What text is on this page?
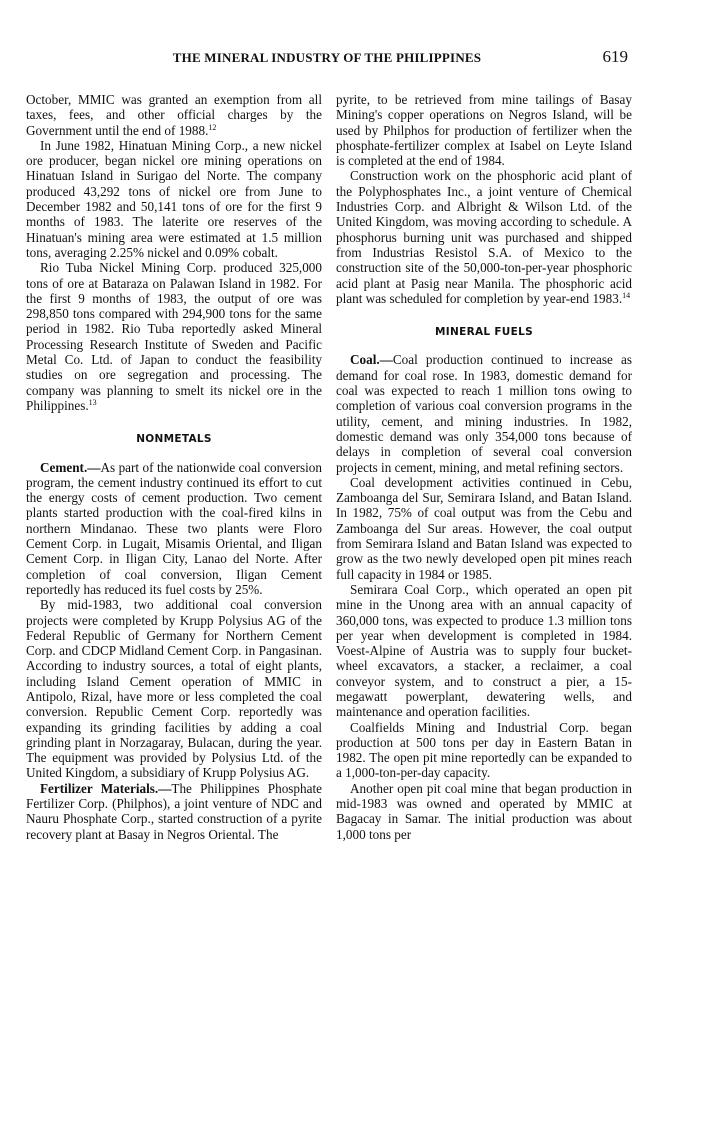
THE MINERAL INDUSTRY OF THE PHILIPPINES	619

October, MMIC was granted an exemption from all taxes, fees, and other official charges by the Government until the end of 1988.12

In June 1982, Hinatuan Mining Corp., a new nickel ore producer, began nickel ore mining operations on Hinatuan Island in Surigao del Norte. The company produced 43,292 tons of nickel ore from June to December 1982 and 50,141 tons of ore for the first 9 months of 1983. The laterite ore reserves of the Hinatuan's mining area were estimated at 1.5 million tons, averaging 2.25% nickel and 0.09% cobalt.

Rio Tuba Nickel Mining Corp. produced 325,000 tons of ore at Bataraza on Palawan Island in 1982. For the first 9 months of 1983, the output of ore was 298,850 tons compared with 294,900 tons for the same period in 1982. Rio Tuba reportedly asked Mineral Processing Research Institute of Sweden and Pacific Metal Co. Ltd. of Japan to conduct the feasibility studies on ore segregation and processing. The company was planning to smelt its nickel ore in the Philippines.$^{13}$

NONMETALS

Cement.—As part of the nationwide coal conversion program, the cement industry continued its effort to cut the energy costs of cement production. Two cement plants started production with the coal-fired kilns in northern Mindanao. These two plants were Floro Cement Corp. in Lugait, Misamis Oriental, and Iligan Cement Corp. in Iligan City, Lanao del Norte. After completion of coal conversion, Iligan Cement reportedly has reduced its fuel costs by 25%.

By mid-1983, two additional coal conversion projects were completed by Krupp Polysius AG of the Federal Republic of Germany for Northern Cement Corp. and CDCP Midland Cement Corp. in Pangasinan. According to industry sources, a total of eight plants, including Island Cement operation of MMIC in Antipolo, Rizal, have more or less completed the coal conversion. Republic Cement Corp. reportedly was expanding its grinding facilities by adding a coal grinding plant in Norzagaray, Bulacan, during the year. The equipment was provided by Polysius Ltd. of the United Kingdom, a subsidiary of Krupp Polysius AG.

Fertilizer Materials.—The Philippines Phosphate Fertilizer Corp. (Philphos), a joint venture of NDC and Nauru Phosphate Corp., started construction of a pyrite recovery plant at Basay in Negros Oriental. The

pyrite, to be retrieved from mine tailings of Basay Mining's copper operations on Negros Island, will be used by Philphos for production of fertilizer when the phosphate-fertilizer complex at Isabel on Leyte Island is completed at the end of 1984.

Construction work on the phosphoric acid plant of the Polyphosphates Inc., a joint venture of Chemical Industries Corp. and Albright & Wilson Ltd. of the United Kingdom, was moving according to schedule. A phosphorus burning unit was purchased and shipped from Industrias Resistol S.A. of Mexico to the construction site of the 50,000-ton-per-year phosphoric acid plant at Pasig near Manila. The phosphoric acid plant was scheduled for completion by year-end 1983.14

MINERAL FUELS

Coal.—Coal production continued to increase as demand for coal rose. In 1983, domestic demand for coal was expected to reach 1 million tons owing to completion of various coal conversion programs in the utility, cement, and mining industries. In 1982, domestic demand was only 354,000 tons because of delays in completion of several coal conversion projects in cement, mining, and metal refining sectors.

Coal development activities continued in Cebu, Zamboanga del Sur, Semirara Island, and Batan Island. In 1982, 75% of coal output was from the Cebu and Zamboanga del Sur areas. However, the coal output from Semirara Island and Batan Island was expected to grow as the two newly developed open pit mines reach full capacity in 1984 or 1985.

Semirara Coal Corp., which operated an open pit mine in the Unong area with an annual capacity of 360,000 tons, was expected to produce 1.3 million tons per year when development is completed in 1984. Voest-Alpine of Austria was to supply four bucket-wheel excavators, a stacker, a reclaimer, a coal conveyor system, and to construct a pier, a 15-megawatt powerplant, dewatering wells, and maintenance and operation facilities.

Coalfields Mining and Industrial Corp. began production at 500 tons per day in Eastern Batan in 1982. The open pit mine reportedly can be expanded to a 1,000-ton-per-day capacity.

Another open pit coal mine that began production in mid-1983 was owned and operated by MMIC at Bagacay in Samar. The initial production was about 1,000 tons per
